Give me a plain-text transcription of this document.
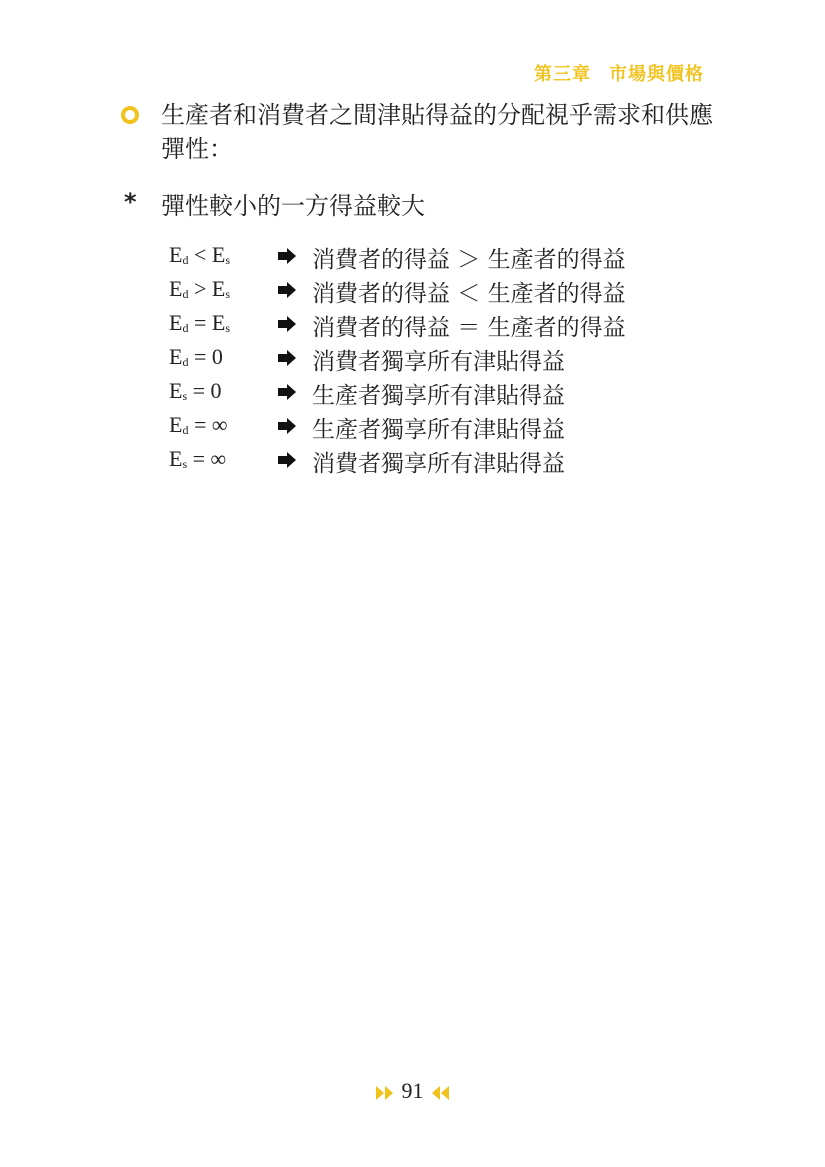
第三章 市場與價格
生產者和消費者之間津貼得益的分配視乎需求和供應彈性：
* 彈性較小的一方得益較大
$E_d < E_s$	消費者的得益 ＞ 生產者的得益
$E_d > E_s$	消費者的得益 ＜ 生產者的得益
$E_d = E_s$	消費者的得益 ＝ 生產者的得益
$E_d = 0$	消費者獨享所有津貼得益
$E_s = 0$	生產者獨享所有津貼得益
$E_d$ = ∞	生產者獨享所有津貼得益
$E_s$ = ∞	消費者獨享所有津貼得益
91
